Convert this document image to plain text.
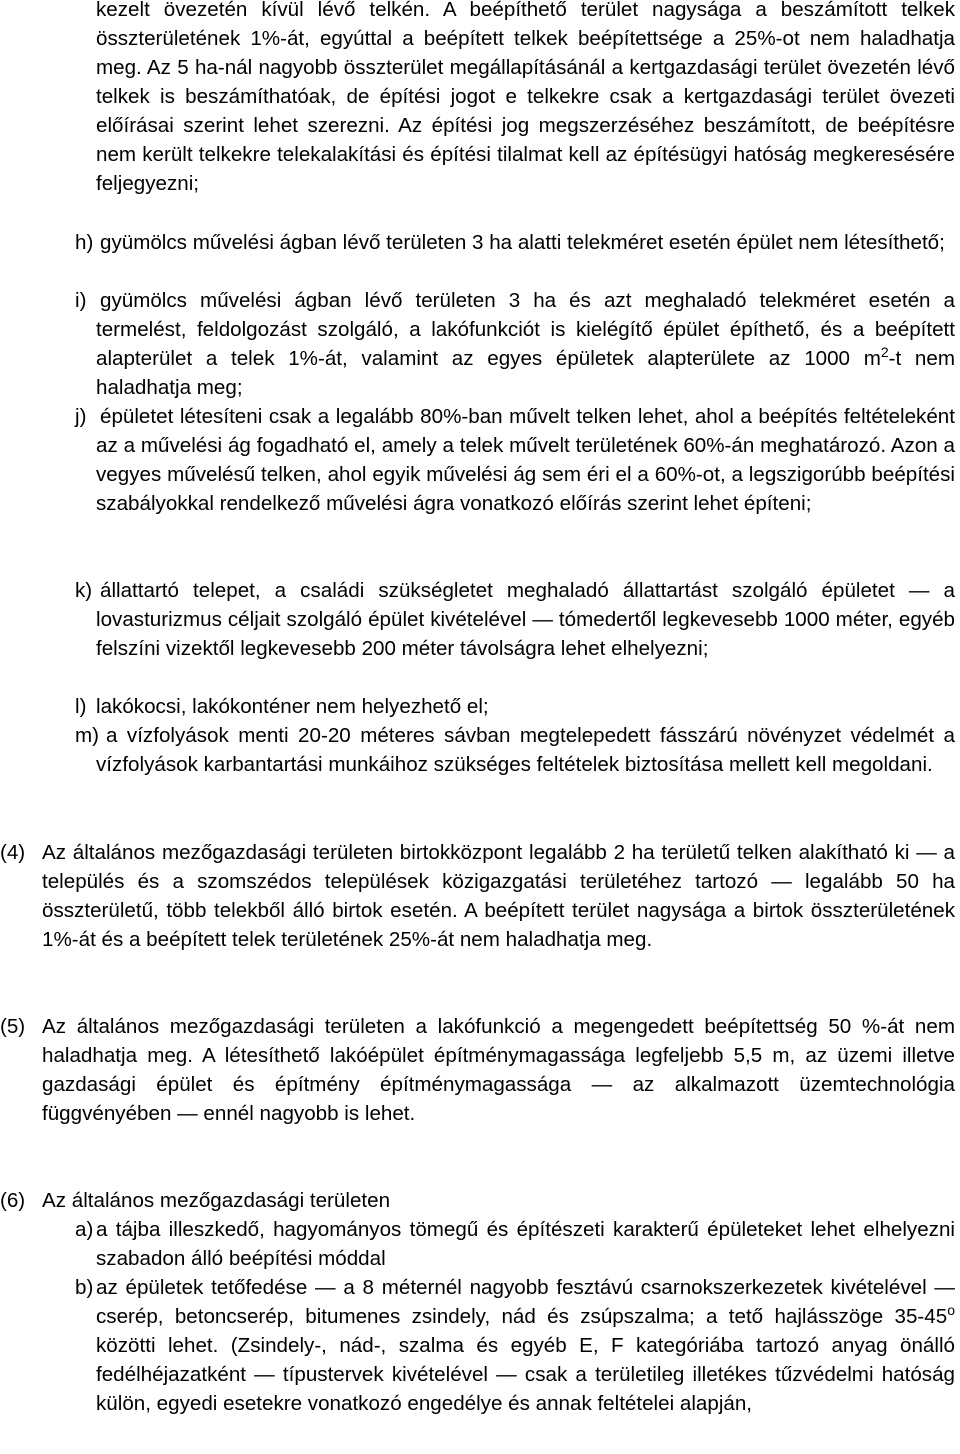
kezelt övezetén kívül lévő telkén. A beépíthető terület nagysága a beszámított telkek összterületének 1%-át, egyúttal a beépített telkek beépítettsége a 25%-ot nem haladhatja meg. Az 5 ha-nál nagyobb összterület megállapításánál a kertgazdasági terület övezetén lévő telkek is beszámíthatóak, de építési jogot e telkekre csak a kertgazdasági terület övezeti előírásai szerint lehet szerezni. Az építési jog megszerzéséhez beszámított, de beépítésre nem került telkekre telekalakítási és építési tilalmat kell az építésügyi hatóság megkeresésére feljegyezni;
h) gyümölcs művelési ágban lévő területen 3 ha alatti telekméret esetén épület nem létesíthető;
i) gyümölcs művelési ágban lévő területen 3 ha és azt meghaladó telekméret esetén a termelést, feldolgozást szolgáló, a lakófunkciót is kielégítő épület építhető, és a beépített alapterület a telek 1%-át, valamint az egyes épületek alapterülete az 1000 $m^2-t$ nem haladhatja meg;
j) épületet létesíteni csak a legalább 80%-ban művelt telken lehet, ahol a beépítés feltételeként az a művelési ág fogadható el, amely a telek művelt területének 60%-án meghatározó. Azon a vegyes művelésű telken, ahol egyik művelési ág sem éri el a 60%-ot, a legszigorúbb beépítési szabályokkal rendelkező művelési ágra vonatkozó előírás szerint lehet építeni;
k) állattartó telepet, a családi szükségletet meghaladó állattartást szolgáló épületet — a lovasturizmus céljait szolgáló épület kivételével — tómedertől legkevesebb 1000 méter, egyéb felszíni vizektől legkevesebb 200 méter távolságra lehet elhelyezni;
l) lakókocsi, lakókonténer nem helyezhető el;
m) a vízfolyások menti 20-20 méteres sávban megtelepedett fásszárú növényzet védelmét a vízfolyások karbantartási munkáihoz szükséges feltételek biztosítása mellett kell megoldani.
(4) Az általános mezőgazdasági területen birtokközpont legalább 2 ha területű telken alakítható ki — a település és a szomszédos települések közigazgatási területéhez tartozó — legalább 50 ha összterületű, több telekből álló birtok esetén. A beépített terület nagysága a birtok összterületének 1%-át és a beépített telek területének 25%-át nem haladhatja meg.
(5) Az általános mezőgazdasági területen a lakófunkció a megengedett beépítettség 50 %-át nem haladhatja meg. A létesíthető lakóépület építménymagassága legfeljebb 5,5 m, az üzemi illetve gazdasági épület és építmény építménymagassága — az alkalmazott üzemtechnológia függvényében — ennél nagyobb is lehet.
(6) Az általános mezőgazdasági területen
a) a tájba illeszkedő, hagyományos tömegű és építészeti karakterű épületeket lehet elhelyezni szabadon álló beépítési móddal
b) az épületek tetőfedése — a 8 méternél nagyobb fesztávú csarnokszerkezetek kivételével — cserép, betoncserép, bitumenes zsindely, nád és zsúpszalma; a tető hajlásszöge 35-45$^o$ közötti lehet. (Zsindely-, nád-, szalma és egyéb E, F kategóriába tartozó anyag önálló fedélhéjazatként — típustervek kivételével — csak a területileg illetékes tűzvédelmi hatóság külön, egyedi esetekre vonatkozó engedélye és annak feltételei alapján,
